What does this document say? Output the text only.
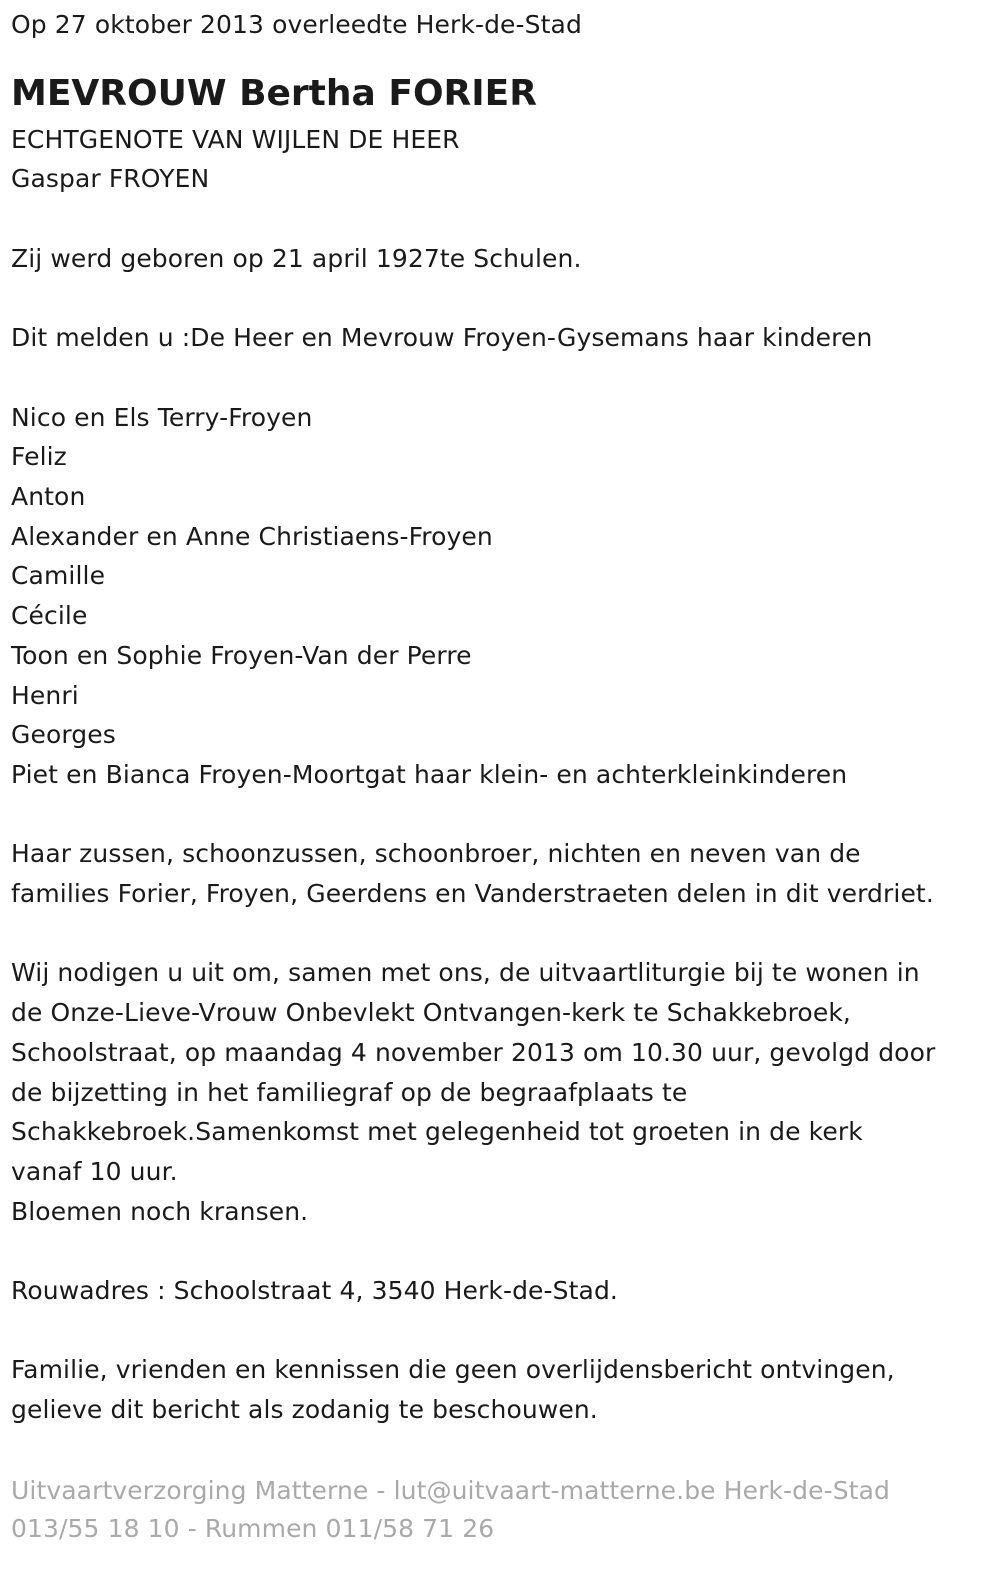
Op 27 oktober 2013 overleedte Herk-de-Stad

MEVROUW Bertha FORIER

ECHTGENOTE VAN WIJLEN DE HEER

Gaspar FROYEN

Zij werd geboren op 21 april 1927te Schulen.

Dit melden u :De Heer en Mevrouw Froyen-Gysemans haar kinderen

Nico en Els Terry-Froyen

Feliz

Anton

Alexander en Anne Christiaens-Froyen

Camille

Cécile

Toon en Sophie Froyen-Van der Perre

Henri

Georges

Piet en Bianca Froyen-Moortgat haar klein- en achterkleinkinderen

Haar zussen, schoonzussen, schoonbroer, nichten en neven van de

families Forier, Froyen, Geerdens en Vanderstraeten delen in dit verdriet.

Wij nodigen u uit om, samen met ons, de uitvaartliturgie bij te wonen in

de Onze-Lieve-Vrouw Onbevlekt Ontvangen-kerk te Schakkebroek,

Schoolstraat, op maandag 4 november 2013 om 10.30 uur, gevolgd door

de bijzetting in het familiegraf op de begraafplaats te

Schakkebroek.Samenkomst met gelegenheid tot groeten in de kerk

vanaf 10 uur.

Bloemen noch kransen.

Rouwadres : Schoolstraat 4, 3540 Herk-de-Stad.

Familie, vrienden en kennissen die geen overlijdensbericht ontvingen,

gelieve dit bericht als zodanig te beschouwen.

Uitvaartverzorging Matterne - lut@uitvaart-matterne.be Herk-de-Stad

013/55 18 10 - Rummen 011/58 71 26
